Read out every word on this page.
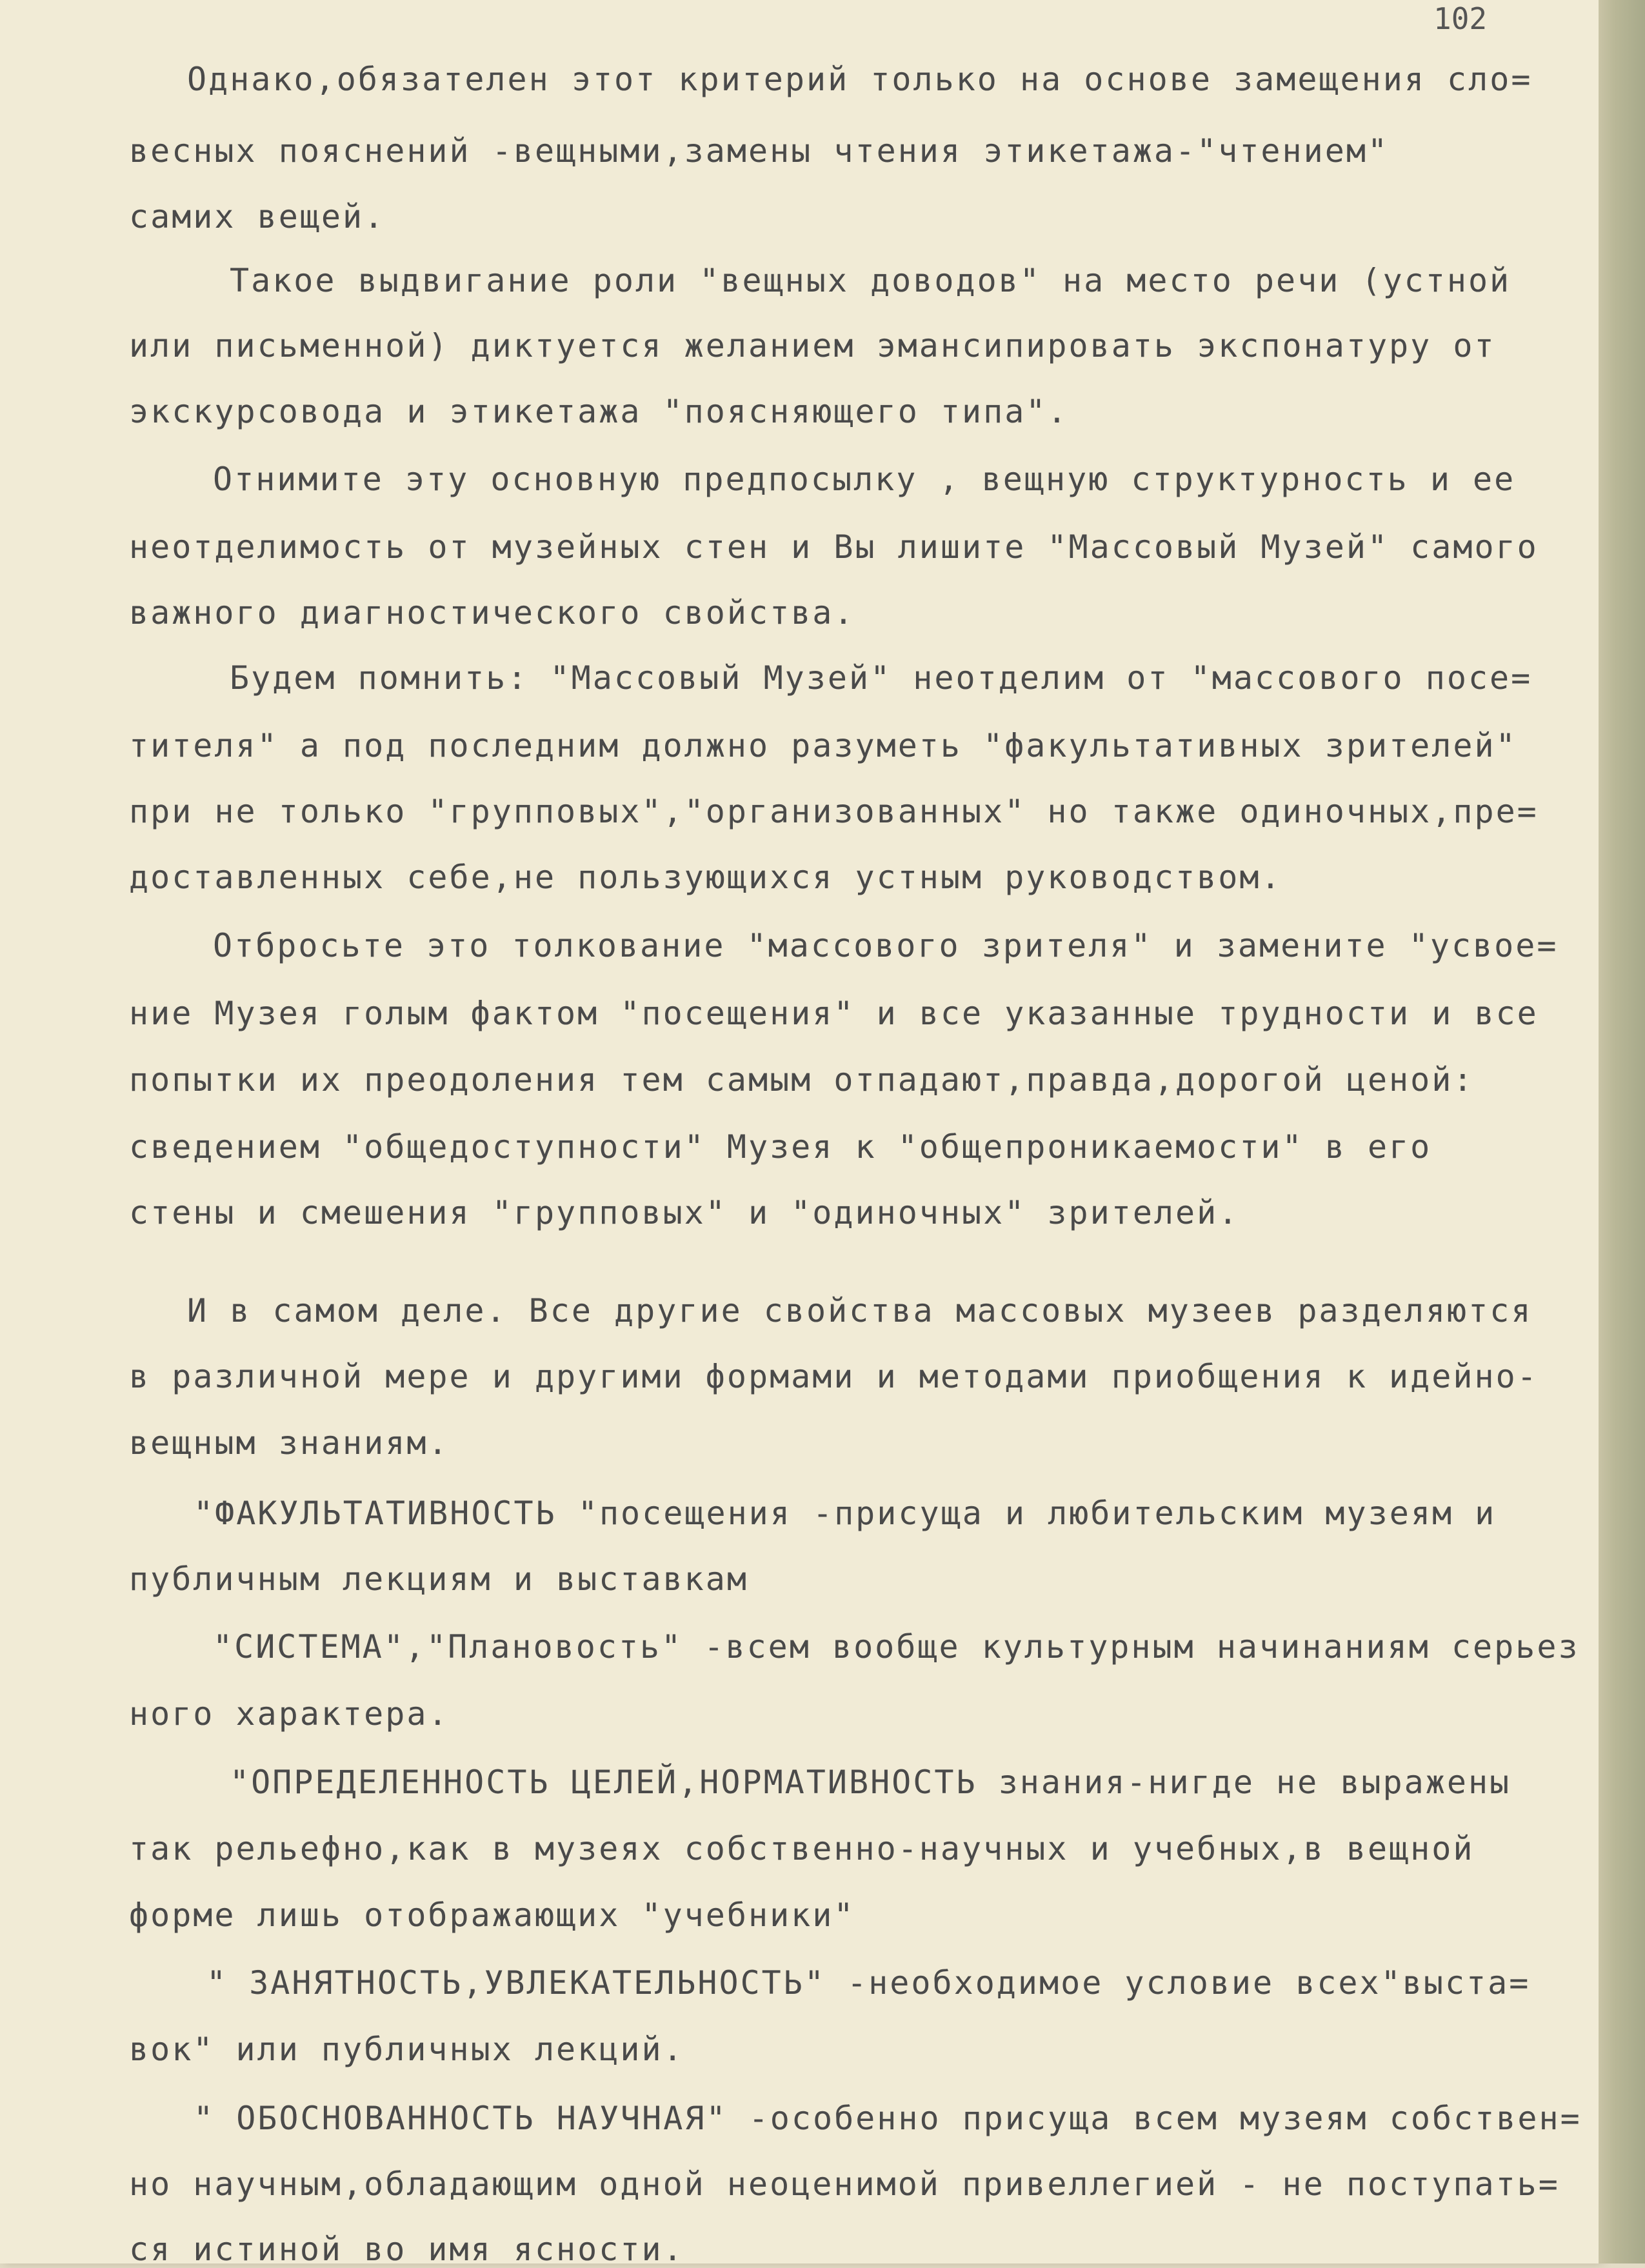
102
Однако,обязателен этот критерий только на основе замещения сло=
весных пояснений -вещными,замены чтения этикетажа-"чтением"
самих вещей.
Такое выдвигание роли "вещных доводов" на место речи (устной
или письменной) диктуется желанием эмансипировать экспонатуру от
экскурсовода и этикетажа "поясняющего типа".
Отнимите эту основную предпосылку , вещную структурность и ее
неотделимость от музейных стен и Вы лишите "Массовый Музей" самого
важного диагностического свойства.
Будем помнить: "Массовый Музей" неотделим от "массового посе=
тителя" а под последним должно разуметь "факультативных зрителей"
при не только "групповых","организованных" но также одиночных,пре=
доставленных себе,не пользующихся устным руководством.
Отбросьте это толкование "массового зрителя" и замените "усвое=
ние Музея голым фактом "посещения" и все указанные трудности и все
попытки их преодоления тем самым отпадают,правда,дорогой ценой:
сведением "общедоступности" Музея к "общепроникаемости" в его
стены и смешения "групповых" и "одиночных" зрителей.
И в самом деле. Все другие свойства массовых музеев разделяются
в различной мере и другими формами и методами приобщения к идейно-
вещным знаниям.
"ФАКУЛЬТАТИВНОСТЬ "посещения -присуща и любительским музеям и
публичным лекциям и выставкам
"СИСТЕМА","Плановость" -всем вообще культурным начинаниям серьез
ного характера.
"ОПРЕДЕЛЕННОСТЬ ЦЕЛЕЙ,НОРМАТИВНОСТЬ знания-нигде не выражены
так рельефно,как в музеях собственно-научных и учебных,в вещной
форме лишь отображающих "учебники"
" ЗАНЯТНОСТЬ,УВЛЕКАТЕЛЬНОСТЬ" -необходимое условие всех"выста=
вок" или публичных лекций.
" ОБОСНОВАННОСТЬ НАУЧНАЯ" -особенно присуща всем музеям собствен=
но научным,обладающим одной неоценимой привеллегией - не поступать=
ся истиной во имя ясности.
